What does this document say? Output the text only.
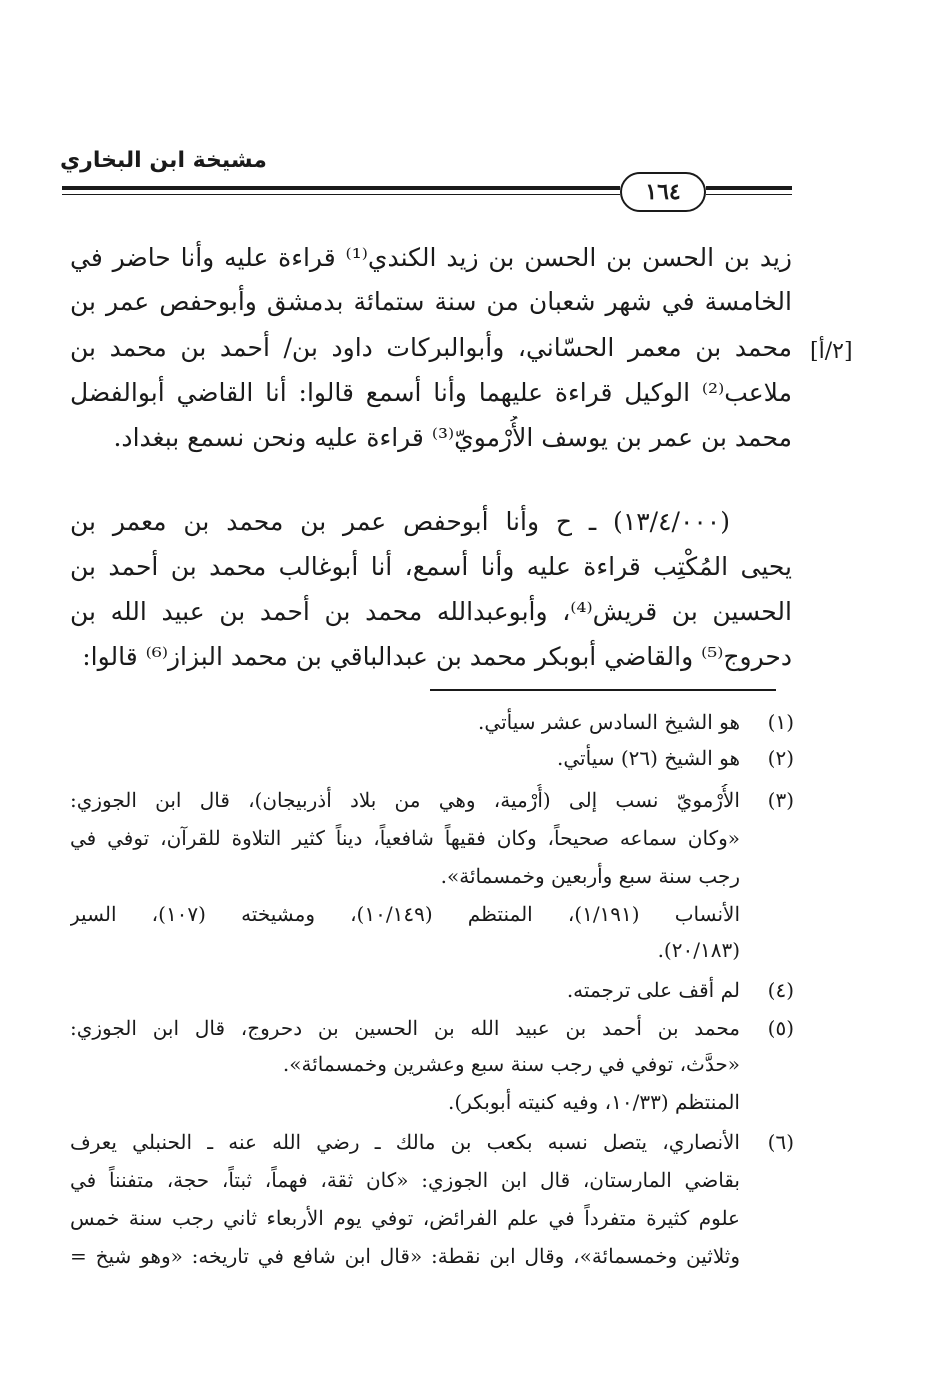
مشيخة ابن البخاري
١٦٤
[٢/أ]

زيد بن الحسن بن الحسن بن زيد الكندي⁽¹⁾ قراءة عليه وأنا حاضر في

الخامسة في شهر شعبان من سنة ستمائة بدمشق وأبوحفص عمر بن

محمد بن معمر الحسّاني، وأبوالبركات داود بن/ أحمد بن محمد بن

ملاعب⁽²⁾ الوكيل قراءة عليهما وأنا أسمع قالوا: أنا القاضي أبوالفضل

محمد بن عمر بن يوسف الأُرْمويّ⁽³⁾ قراءة عليه ونحن نسمع ببغداد.

(١٣/٤/٠٠٠) ـ ح وأنا أبوحفص عمر بن محمد بن معمر بن

يحيى المُكْتِب قراءة عليه وأنا أسمع، أنا أبوغالب محمد بن أحمد بن

الحسين بن قريش⁽⁴⁾، وأبوعبدالله محمد بن أحمد بن عبيد الله بن

دحروج⁽⁵⁾ والقاضي أبوبكر محمد بن عبدالباقي بن محمد البزاز⁽⁶⁾ قالوا:

(١)

هو الشيخ السادس عشر سيأتي.

(٢)

هو الشيخ (٢٦) سيأتي.

(٣)

الأُرْمويّ نسب إلى (أُرْمية، وهي من بلاد أذربيجان)، قال ابن الجوزي:

«وكان سماعه صحيحاً، وكان فقيهاً شافعياً، ديناً كثير التلاوة للقرآن، توفي في

رجب سنة سبع وأربعين وخمسمائة».

الأنساب (١/١٩١)، المنتظم (١٠/١٤٩)، ومشيخته (١٠٧)، السير

(٢٠/١٨٣).

(٤)

لم أقف على ترجمته.

(٥)

محمد بن أحمد بن عبيد الله بن الحسين بن دحروج، قال ابن الجوزي:

«حدَّث، توفي في رجب سنة سبع وعشرين وخمسمائة».

المنتظم (١٠/٣٣، وفيه كنيته أبوبكر).

(٦)

الأنصاري، يتصل نسبه بكعب بن مالك ـ رضي الله عنه ـ الحنبلي يعرف

بقاضي المارستان، قال ابن الجوزي: «كان ثقة، فهماً، ثبتاً، حجة، متفنناً في

علوم كثيرة متفرداً في علم الفرائض، توفي يوم الأربعاء ثاني رجب سنة خمس

وثلاثين وخمسمائة»، وقال ابن نقطة: «قال ابن شافع في تاريخه: «وهو شيخ =
